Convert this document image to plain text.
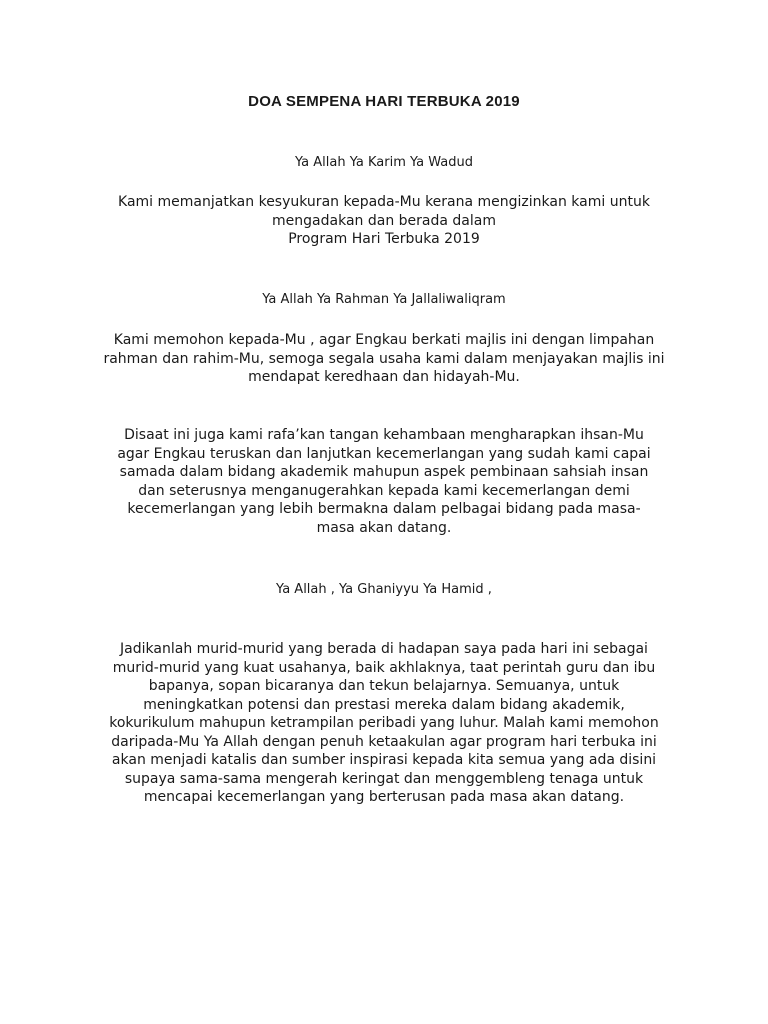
DOA SEMPENA HARI TERBUKA 2019

Ya Allah Ya Karim Ya Wadud

Kami memanjatkan kesyukuran kepada-Mu kerana mengizinkan kami untuk
mengadakan dan berada dalam
Program Hari Terbuka 2019

Ya Allah Ya Rahman Ya Jallaliwaliqram

Kami memohon kepada-Mu , agar Engkau berkati majlis ini dengan limpahan
rahman dan rahim-Mu, semoga segala usaha kami dalam menjayakan majlis ini
mendapat keredhaan dan hidayah-Mu.
Disaat ini juga kami rafa’kan tangan kehambaan mengharapkan ihsan-Mu
agar Engkau teruskan dan lanjutkan kecemerlangan yang sudah kami capai
samada dalam bidang akademik mahupun aspek pembinaan sahsiah insan
dan seterusnya menganugerahkan kepada kami kecemerlangan demi
kecemerlangan yang lebih bermakna dalam pelbagai bidang pada masa-
masa akan datang.

Ya Allah , Ya Ghaniyyu Ya Hamid ,

Jadikanlah murid-murid yang berada di hadapan saya pada hari ini sebagai
murid-murid yang kuat usahanya, baik akhlaknya, taat perintah guru dan ibu
bapanya, sopan bicaranya dan tekun belajarnya. Semuanya, untuk
meningkatkan potensi dan prestasi mereka dalam bidang akademik,
kokurikulum mahupun ketrampilan peribadi yang luhur. Malah kami memohon
daripada-Mu Ya Allah dengan penuh ketaakulan agar program hari terbuka ini
akan menjadi katalis dan sumber inspirasi kepada kita semua yang ada disini
supaya sama-sama mengerah keringat dan menggembleng tenaga untuk
mencapai kecemerlangan yang berterusan pada masa akan datang.
